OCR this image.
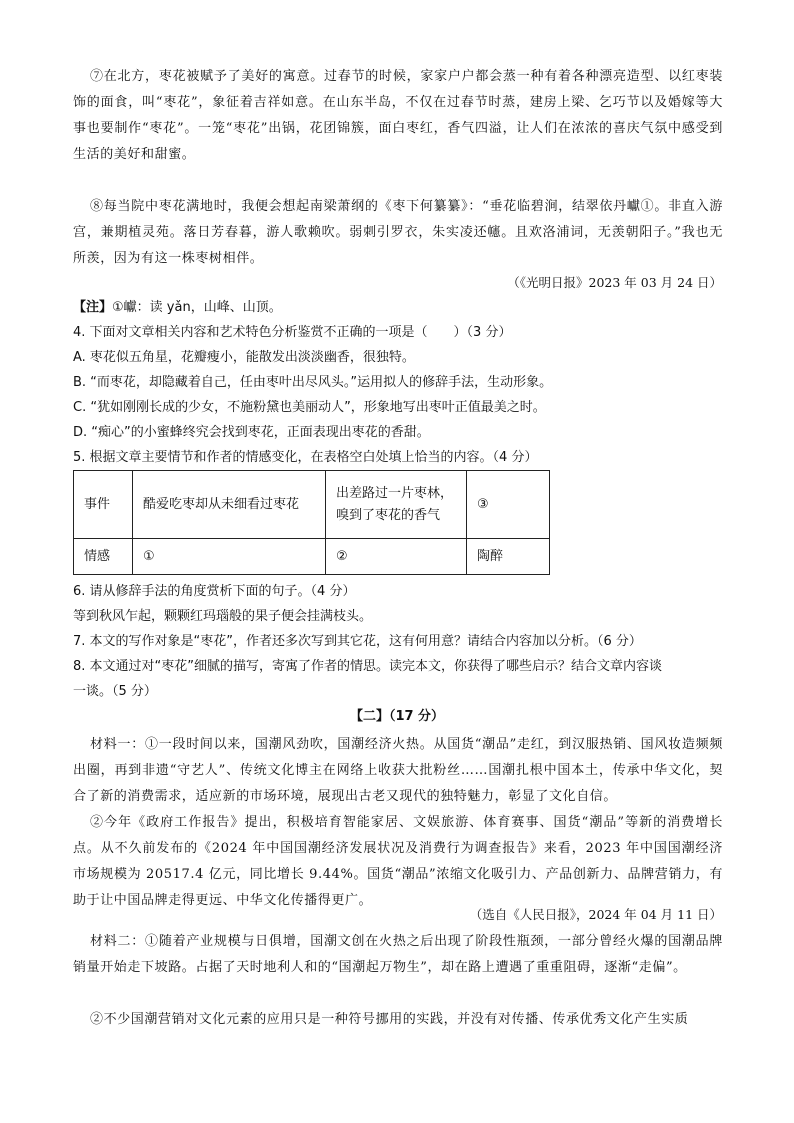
⑦在北方，枣花被赋予了美好的寓意。过春节的时候，家家户户都会蒸一种有着各种漂亮造型、以红枣装饰的面食，叫“枣花”，象征着吉祥如意。在山东半岛，不仅在过春节时蒸，建房上梁、乞巧节以及婚嫁等大事也要制作“枣花”。一笼“枣花”出锅，花团锦簇，面白枣红，香气四溢，让人们在浓浓的喜庆气氛中感受到生活的美好和甜蜜。

⑧每当院中枣花满地时，我便会想起南梁萧纲的《枣下何纂纂》：“垂花临碧涧，结翠依丹巘①。非直入游宫，兼期植灵苑。落日芳春暮，游人歌赖吹。弱刺引罗衣，朱实凌还幰。且欢洛浦词，无羡朝阳子。”我也无所羡，因为有这一株枣树相伴。

（《光明日报》2023 年 03 月 24 日）

【注】①巘：读 yǎn，山峰、山顶。

4. 下面对文章相关内容和艺术特色分析鉴赏不正确的一项是（　　）（3 分）

A. 枣花似五角星，花瓣瘦小，能散发出淡淡幽香，很独特。

B. “而枣花，却隐藏着自己，任由枣叶出尽风头。”运用拟人的修辞手法，生动形象。

C. “犹如刚刚长成的少女，不施粉黛也美丽动人”，形象地写出枣叶正值最美之时。

D. “痴心”的小蜜蜂终究会找到枣花，正面表现出枣花的香甜。

5. 根据文章主要情节和作者的情感变化，在表格空白处填上恰当的内容。（4 分）

事件	酷爱吃枣却从未细看过枣花	出差路过一片枣林，
嗅到了枣花的香气	③
情感	①	②	陶醉

6. 请从修辞手法的角度赏析下面的句子。（4 分）

等到秋风乍起，颗颗红玛瑙般的果子便会挂满枝头。

7. 本文的写作对象是“枣花”，作者还多次写到其它花，这有何用意？请结合内容加以分析。（6 分）

8. 本文通过对“枣花”细腻的描写，寄寓了作者的情思。读完本文，你获得了哪些启示？结合文章内容谈

一谈。（5 分）

【二】（17 分）

材料一：①一段时间以来，国潮风劲吹，国潮经济火热。从国货“潮品”走红，到汉服热销、国风妆造频频出圈，再到非遗“守艺人”、传统文化博主在网络上收获大批粉丝……国潮扎根中国本土，传承中华文化，契合了新的消费需求，适应新的市场环境，展现出古老又现代的独特魅力，彰显了文化自信。

②今年《政府工作报告》提出，积极培育智能家居、文娱旅游、体育赛事、国货“潮品”等新的消费增长点。从不久前发布的《2024 年中国国潮经济发展状况及消费行为调查报告》来看，2023 年中国国潮经济市场规模为 20517.4 亿元，同比增长 9.44%。国货“潮品”浓缩文化吸引力、产品创新力、品牌营销力，有助于让中国品牌走得更远、中华文化传播得更广。

（选自《人民日报》，2024 年 04 月 11 日）

材料二：①随着产业规模与日俱增，国潮文创在火热之后出现了阶段性瓶颈，一部分曾经火爆的国潮品牌销量开始走下坡路。占据了天时地利人和的“国潮起万物生”，却在路上遭遇了重重阻碍，逐渐“走偏”。

②不少国潮营销对文化元素的应用只是一种符号挪用的实践，并没有对传播、传承优秀文化产生实质
